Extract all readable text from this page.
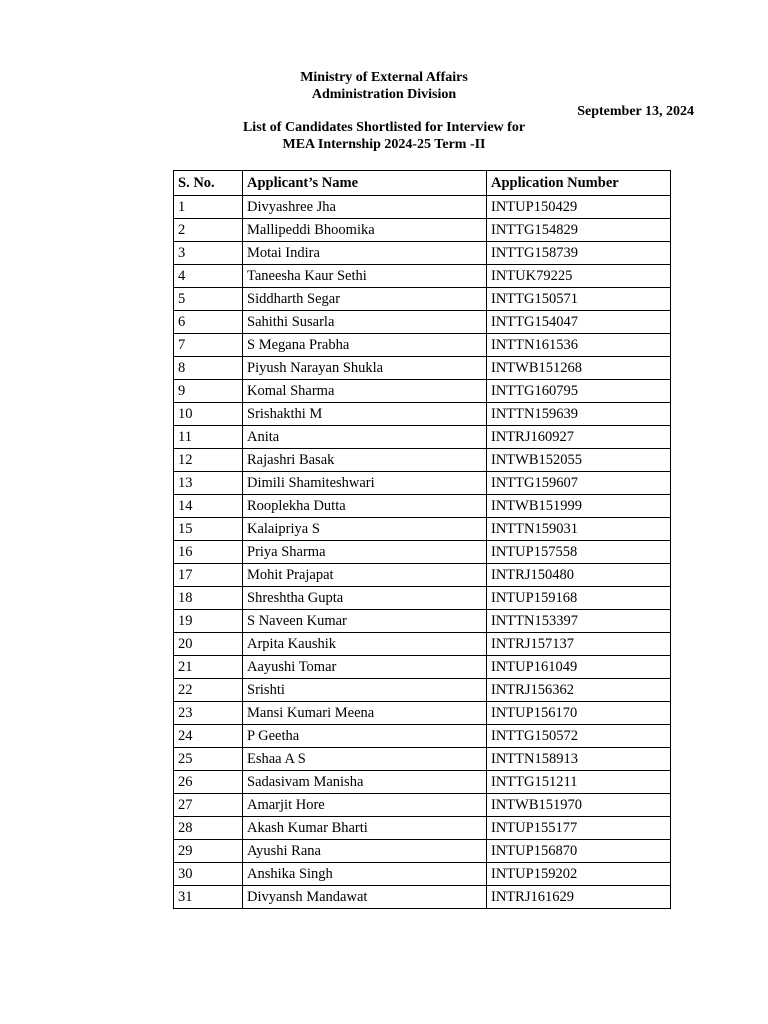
Ministry of External Affairs
Administration Division
September 13, 2024
List of Candidates Shortlisted for Interview for
MEA Internship 2024-25 Term -II
S. No.	Applicant’s Name	Application Number
1	Divyashree Jha	INTUP150429
2	Mallipeddi Bhoomika	INTTG154829
3	Motai Indira	INTTG158739
4	Taneesha Kaur Sethi	INTUK79225
5	Siddharth Segar	INTTG150571
6	Sahithi Susarla	INTTG154047
7	S Megana Prabha	INTTN161536
8	Piyush Narayan Shukla	INTWB151268
9	Komal Sharma	INTTG160795
10	Srishakthi M	INTTN159639
11	Anita	INTRJ160927
12	Rajashri Basak	INTWB152055
13	Dimili Shamiteshwari	INTTG159607
14	Rooplekha Dutta	INTWB151999
15	Kalaipriya S	INTTN159031
16	Priya Sharma	INTUP157558
17	Mohit Prajapat	INTRJ150480
18	Shreshtha Gupta	INTUP159168
19	S Naveen Kumar	INTTN153397
20	Arpita Kaushik	INTRJ157137
21	Aayushi Tomar	INTUP161049
22	Srishti	INTRJ156362
23	Mansi Kumari Meena	INTUP156170
24	P Geetha	INTTG150572
25	Eshaa A S	INTTN158913
26	Sadasivam Manisha	INTTG151211
27	Amarjit Hore	INTWB151970
28	Akash Kumar Bharti	INTUP155177
29	Ayushi Rana	INTUP156870
30	Anshika Singh	INTUP159202
31	Divyansh Mandawat	INTRJ161629
